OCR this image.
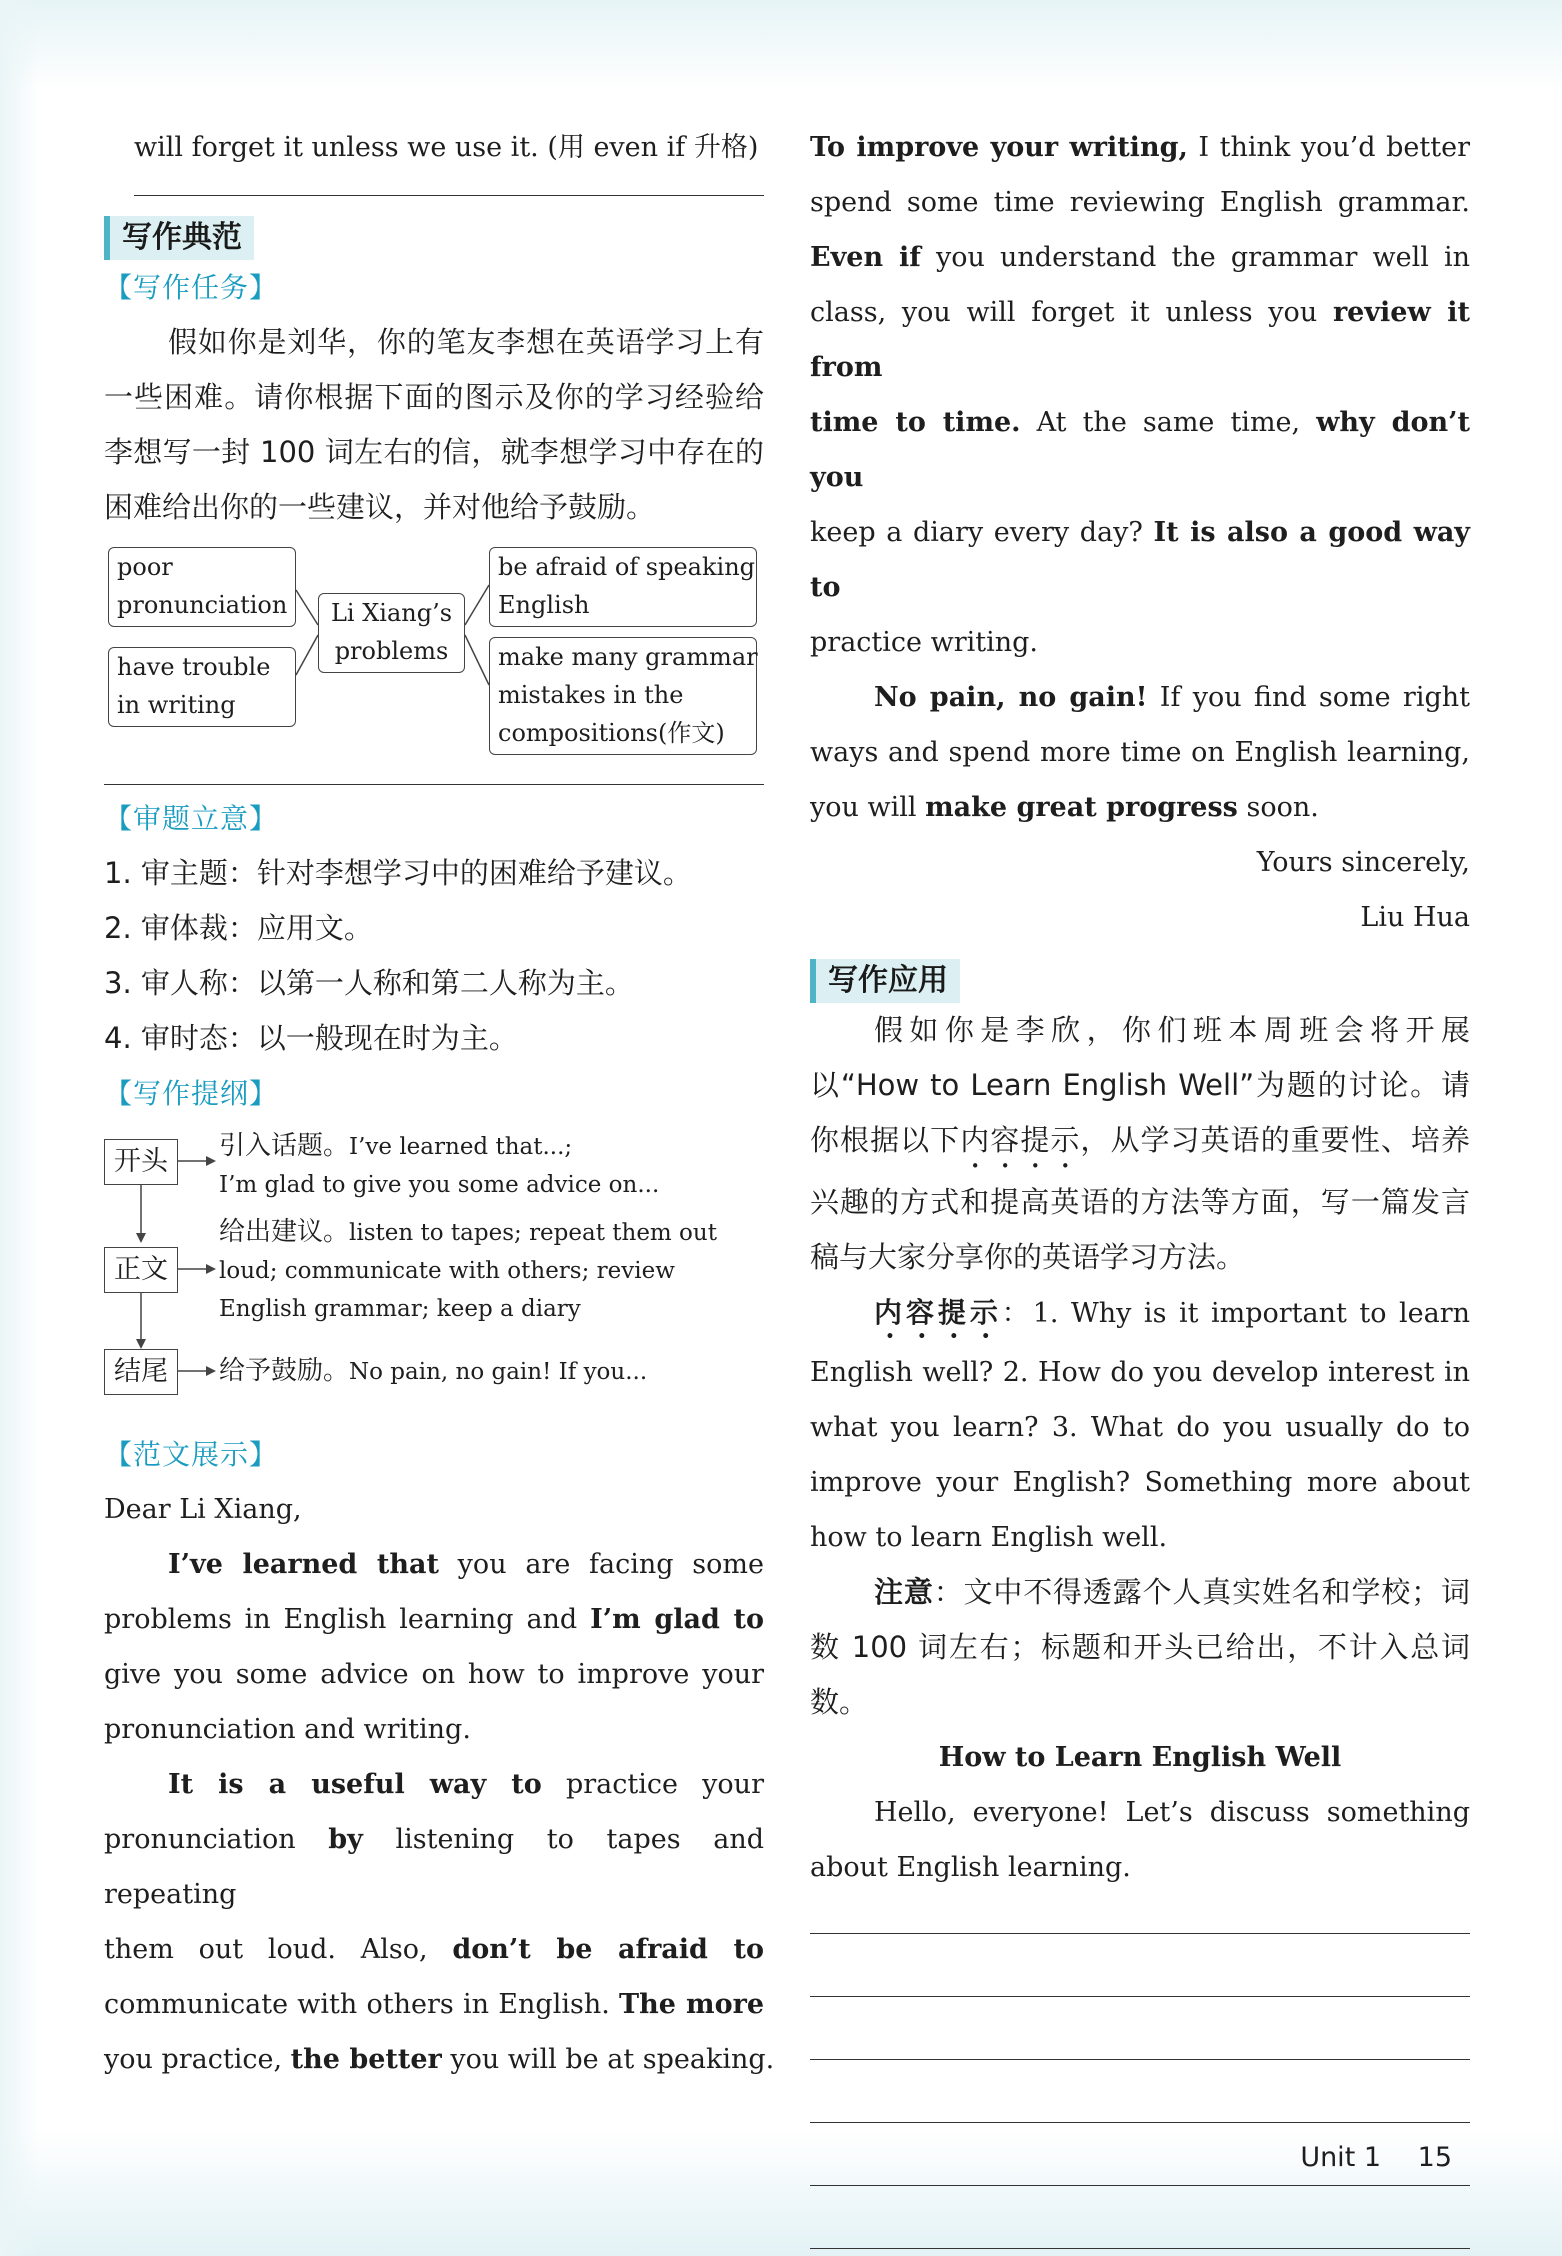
will forget it unless we use it. (用 even if 升格)
写作典范
【写作任务】
假如你是刘华，你的笔友李想在英语学习上有一些困难。请你根据下面的图示及你的学习经验给李想写一封 100 词左右的信，就李想学习中存在的困难给出你的一些建议，并对他给予鼓励。
poor
pronunciation
have trouble
in writing
Li Xiang’s
problems
be afraid of speaking
English
make many grammar
mistakes in the
compositions(作文)
【审题立意】
1. 审主题：针对李想学习中的困难给予建议。
2. 审体裁：应用文。
3. 审人称：以第一人称和第二人称为主。
4. 审时态：以一般现在时为主。
【写作提纲】
开头	引入话题。I’ve learned that...;
I’m glad to give you some advice on...
正文
给出建议。listen to tapes; repeat them out
loud; communicate with others; review
English grammar; keep a diary
结尾	给予鼓励。No pain, no gain! If you...
【范文展示】
Dear Li Xiang,
I’ve learned that you are facing some
problems in English learning and I’m glad to
give you some advice on how to improve your
pronunciation and writing.
It is a useful way to practice your
pronunciation by listening to tapes and repeating
them out loud. Also, don’t be afraid to
communicate with others in English. The more
you practice, the better you will be at speaking.
To improve your writing, I think you’d better
spend some time reviewing English grammar.
Even if you understand the grammar well in
class, you will forget it unless you review it from
time to time. At the same time, why don’t you
keep a diary every day? It is also a good way to
practice writing.
No pain, no gain! If you find some right
ways and spend more time on English learning,
you will make great progress soon.
Yours sincerely,
Liu Hua
写作应用
假如你是李欣，你们班本周班会将开展以“How to Learn English Well”为题的讨论。请你根据以下内容提示，从学习英语的重要性、培养兴趣的方式和提高英语的方法等方面，写一篇发言稿与大家分享你的英语学习方法。
内容提示：1. Why is it important to learn English well? 2. How do you develop interest in what you learn? 3. What do you usually do to improve your English? Something more about how to learn English well.
注意：文中不得透露个人真实姓名和学校；词数 100 词左右；标题和开头已给出，不计入总词数。
How to Learn English Well
Hello, everyone! Let’s discuss something
about English learning.
Unit 1 15
